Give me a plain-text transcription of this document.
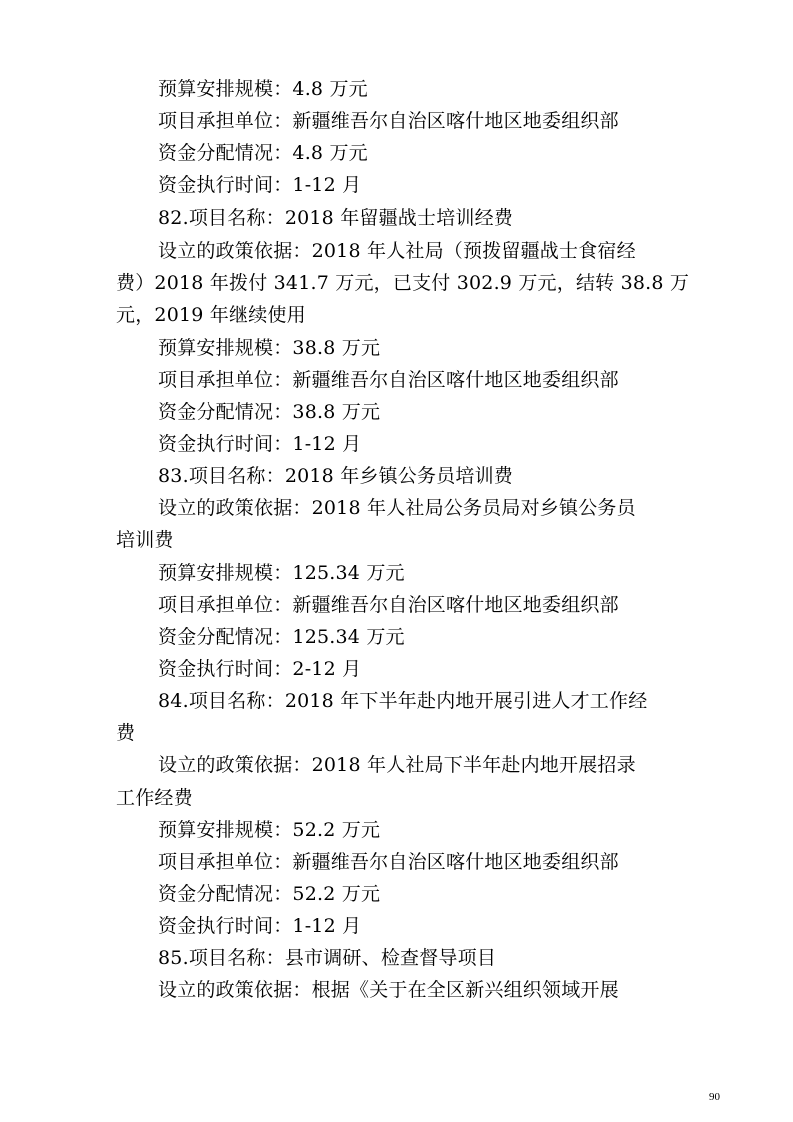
预算安排规模：4.8 万元
项目承担单位：新疆维吾尔自治区喀什地区地委组织部
资金分配情况：4.8 万元
资金执行时间：1-12 月
82.项目名称：2018 年留疆战士培训经费
设立的政策依据：2018 年人社局（预拨留疆战士食宿经
费）2018 年拨付 341.7 万元，已支付 302.9 万元，结转 38.8 万
元，2019 年继续使用
预算安排规模：38.8 万元
项目承担单位：新疆维吾尔自治区喀什地区地委组织部
资金分配情况：38.8 万元
资金执行时间：1-12 月
83.项目名称：2018 年乡镇公务员培训费
设立的政策依据：2018 年人社局公务员局对乡镇公务员
培训费
预算安排规模：125.34 万元
项目承担单位：新疆维吾尔自治区喀什地区地委组织部
资金分配情况：125.34 万元
资金执行时间：2-12 月
84.项目名称：2018 年下半年赴内地开展引进人才工作经
费
设立的政策依据：2018 年人社局下半年赴内地开展招录
工作经费
预算安排规模：52.2 万元
项目承担单位：新疆维吾尔自治区喀什地区地委组织部
资金分配情况：52.2 万元
资金执行时间：1-12 月
85.项目名称：县市调研、检查督导项目
设立的政策依据：根据《关于在全区新兴组织领域开展
90
